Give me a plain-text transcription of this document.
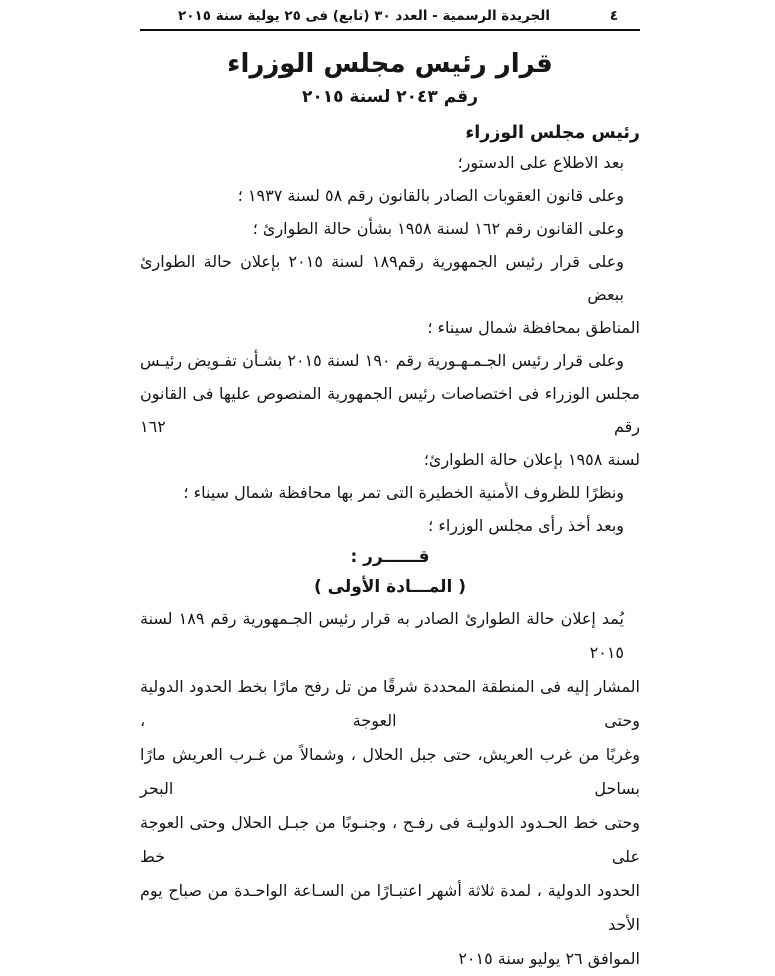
٤
الجريدة الرسمية - العدد ٣٠ (تابع) فى ٢٥ يولية سنة ٢٠١٥
قرار رئيس مجلس الوزراء
رقم ٢٠٤٣ لسنة ٢٠١٥
رئيس مجلس الوزراء
بعد الاطلاع على الدستور؛
وعلى قانون العقوبات الصادر بالقانون رقم ٥٨ لسنة ١٩٣٧ ؛
وعلى القانون رقم ١٦٢ لسنة ١٩٥٨ بشأن حالة الطوارئ ؛
وعلى قرار رئيس الجمهورية رقم١٨٩ لسنة ٢٠١٥ بإعلان حالة الطوارئ ببعض
المناطق بمحافظة شمال سيناء ؛
وعلى قرار رئيس الجـمـهـورية رقم ١٩٠ لسنة ٢٠١٥ بشـأن تفـويض رئيـس
مجلس الوزراء فى اختصاصات رئيس الجمهورية المنصوص عليها فى القانون رقم ١٦٢
لسنة ١٩٥٨ بإعلان حالة الطوارئ؛
ونظرًا للظروف الأمنية الخطيرة التى تمر بها محافظة شمال سيناء ؛
وبعد أخذ رأى مجلس الوزراء ؛
قــــــرر :
( المـــادة الأولى )
يُمد إعلان حالة الطوارئ الصادر به قرار رئيس الجـمهورية رقم ١٨٩ لسنة ٢٠١٥
المشار إليه فى المنطقة المحددة شرقًا من تل رفح مارًا بخط الحدود الدولية وحتى العوجة ،
وغربًا من غرب العريش، حتى جبل الحلال ، وشمالاً من غـرب العريش مارًا بساحل البحر
وحتى خط الحـدود الدوليـة فى رفـح ، وجنـوبًا من جبـل الحلال وحتى العوجة على خط
الحدود الدولية ، لمدة ثلاثة أشهر اعتبـارًا من السـاعة الواحـدة من صباح يوم الأحد
الموافق ٢٦ يوليو سنة ٢٠١٥
